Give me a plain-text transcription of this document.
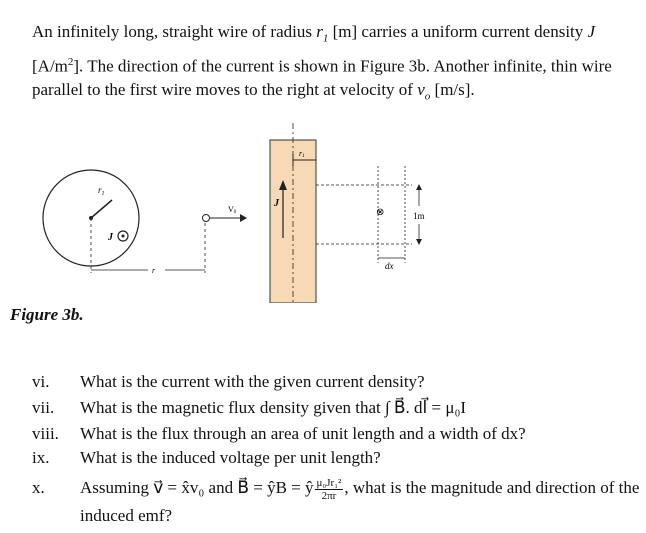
An infinitely long, straight wire of radius $r_1$ [m] carries a uniform current density J $[A/m^2]$. The direction of the current is shown in Figure 3b. Another infinite, thin wire parallel to the first wire moves to the right at velocity of $v_o$ [m/s].
$r_1$
J
r
V0
r1
J
⊗	1m
dx
Figure 3b.
vi.	What is the current with the given current density?
vii.	What is the magnetic flux density given that ∫ B⃗. dl⃗ = μ₀I
viii.	What is the flux through an area of unit length and a width of dx?
ix.	What is the induced voltage per unit length?
x.	Assuming v⃗ = x̂v₀ and B⃗ = ŷB = ŷ $\frac{\text{μ₀Jr₁²}}{2\pi r}$ , what is the magnitude and direction of the induced emf?
